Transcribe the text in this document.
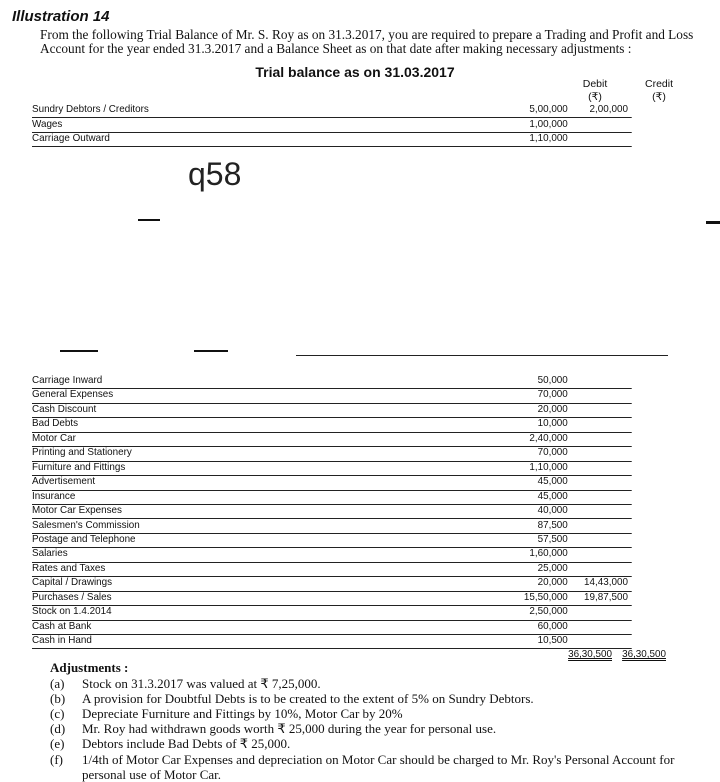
Illustration 14
From the following Trial Balance of Mr. S. Roy as on 31.3.2017, you are required to prepare a Trading and Profit and Loss Account for the year ended 31.3.2017 and a Balance Sheet as on that date after making necessary adjustments :
Trial balance as on 31.03.2017
Debit
(₹)
Credit
(₹)
Sundry Debtors / Creditors	5,00,000 2,00,000
Wages	1,00,000
Carriage Outward	1,10,000
q58
Carriage Inward	50,000
General Expenses	70,000
Cash Discount	20,000
Bad Debts	10,000
Motor Car	2,40,000
Printing and Stationery	70,000
Furniture and Fittings	1,10,000
Advertisement	45,000
Insurance	45,000
Motor Car Expenses	40,000
Salesmen's Commission	87,500
Postage and Telephone	57,500
Salaries	1,60,000
Rates and Taxes	25,000
Capital / Drawings	20,000 14,43,000
Purchases / Sales	15,50,000 19,87,500
Stock on 1.4.2014	2,50,000
Cash at Bank	60,000
Cash in Hand	10,500
36,30,500 36,30,500
Adjustments :
(a) Stock on 31.3.2017 was valued at ₹ 7,25,000.
(b) A provision for Doubtful Debts is to be created to the extent of 5% on Sundry Debtors.
(c) Depreciate Furniture and Fittings by 10%, Motor Car by 20%
(d) Mr. Roy had withdrawn goods worth ₹ 25,000 during the year for personal use.
(e) Debtors include Bad Debts of ₹ 25,000.
(f) 1/4th of Motor Car Expenses and depreciation on Motor Car should be charged to Mr. Roy's Personal Account for personal use of Motor Car.
